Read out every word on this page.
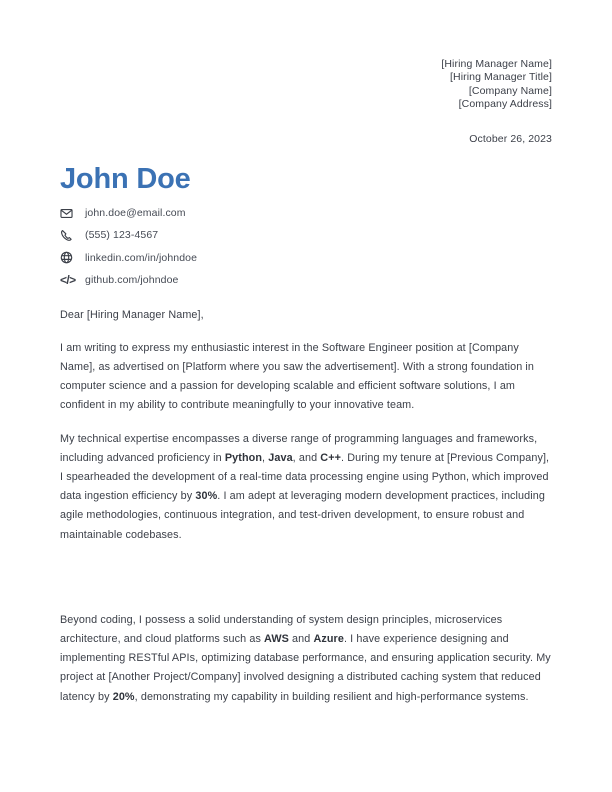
[Hiring Manager Name]
[Hiring Manager Title]
[Company Name]
[Company Address]
October 26, 2023
John Doe
john.doe@email.com
(555) 123-4567
linkedin.com/in/johndoe
</> github.com/johndoe
Dear [Hiring Manager Name],
I am writing to express my enthusiastic interest in the Software Engineer position at [Company Name], as advertised on [Platform where you saw the advertisement]. With a strong foundation in computer science and a passion for developing scalable and efficient software solutions, I am confident in my ability to contribute meaningfully to your innovative team.
My technical expertise encompasses a diverse range of programming languages and frameworks, including advanced proficiency in Python, Java, and C++. During my tenure at [Previous Company], I spearheaded the development of a real-time data processing engine using Python, which improved data ingestion efficiency by 30%. I am adept at leveraging modern development practices, including agile methodologies, continuous integration, and test-driven development, to ensure robust and maintainable codebases.
Beyond coding, I possess a solid understanding of system design principles, microservices architecture, and cloud platforms such as AWS and Azure. I have experience designing and implementing RESTful APIs, optimizing database performance, and ensuring application security. My project at [Another Project/Company] involved designing a distributed caching system that reduced latency by 20%, demonstrating my capability in building resilient and high-performance systems.
